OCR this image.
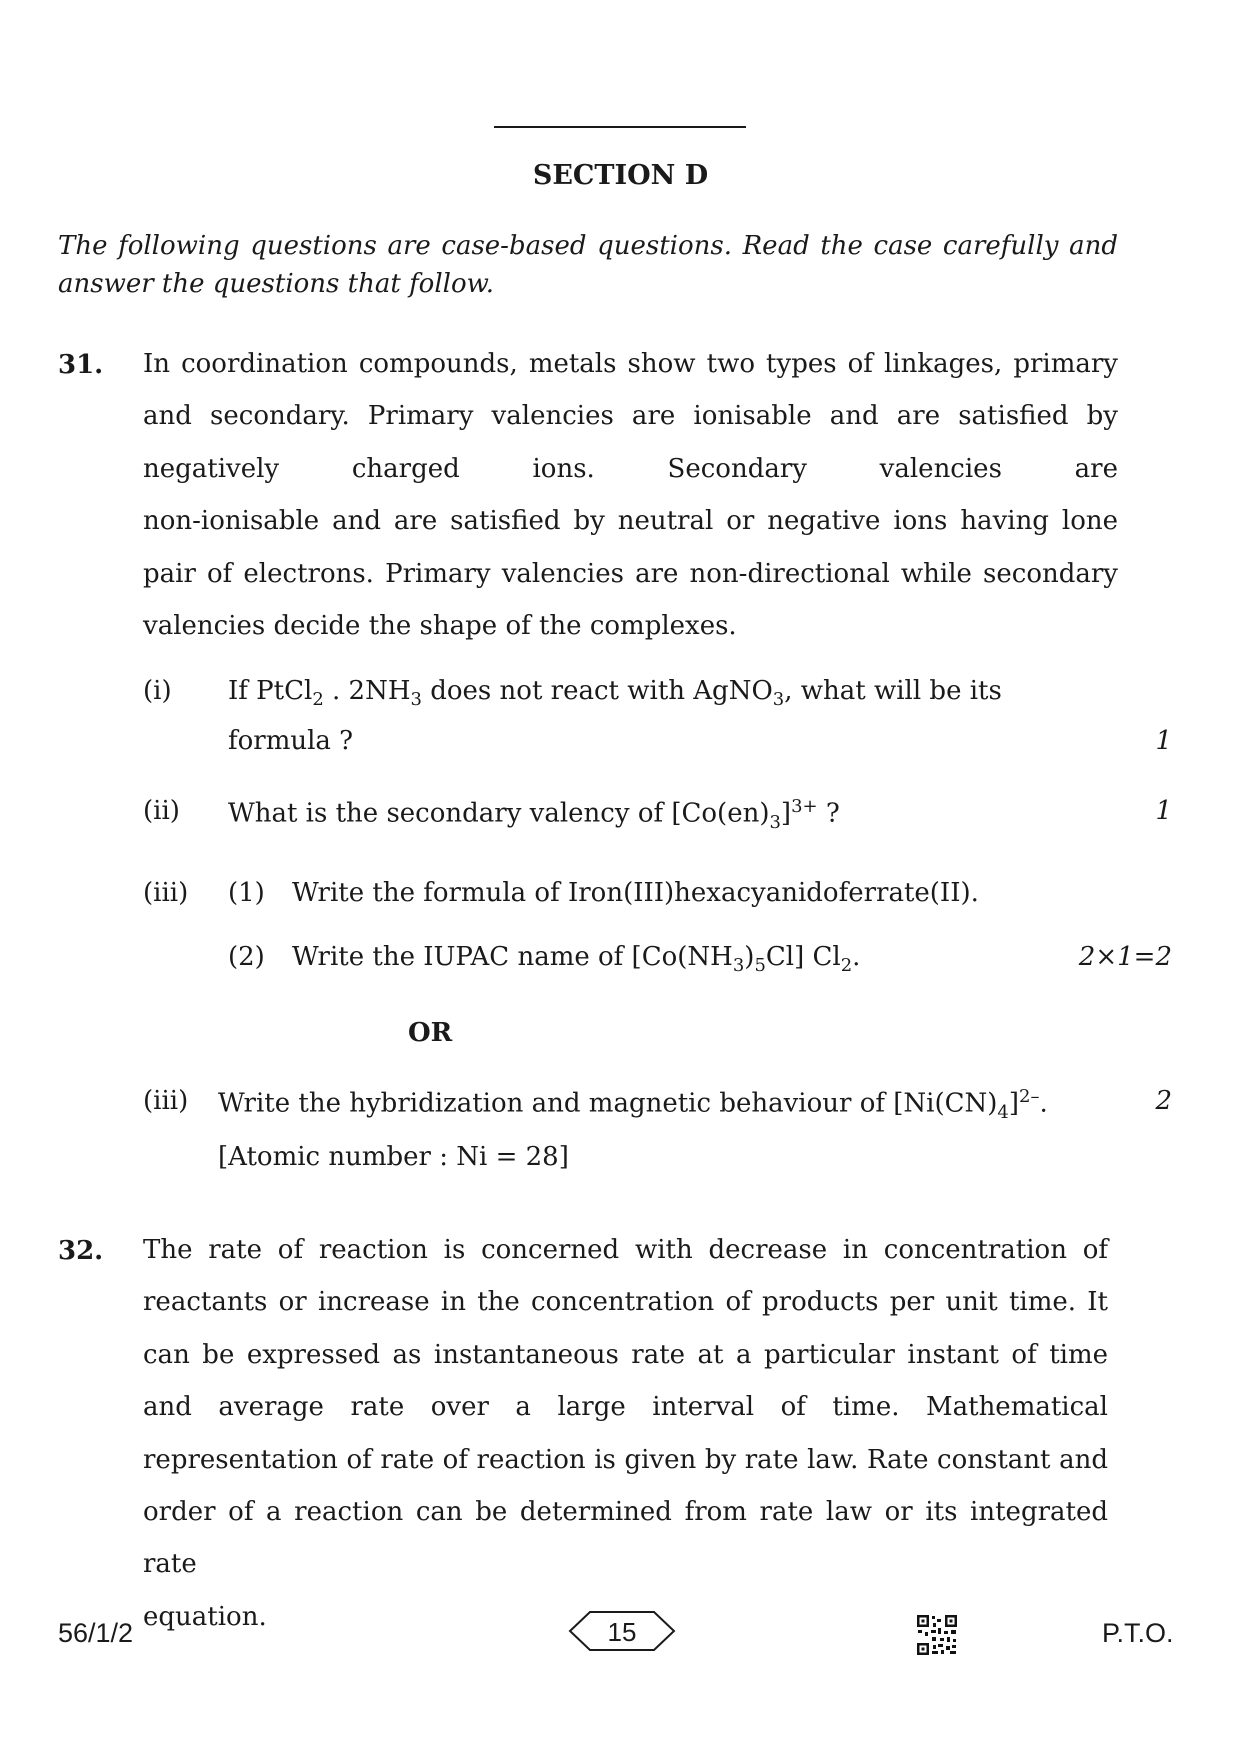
SECTION D
The following questions are case-based questions. Read the case carefully and answer the questions that follow.
31. In coordination compounds, metals show two types of linkages, primary
and secondary. Primary valencies are ionisable and are satisfied by
negatively	charged	ions.	Secondary	valencies	are
non-ionisable and are satisfied by neutral or negative ions having lone
pair of electrons. Primary valencies are non-directional while secondary
valencies decide the shape of the complexes.
(i) If PtCl$_2$ . $2NH_3$ does not react with AgNO$_3$, what will be its
formula ?	1
(ii) What is the secondary valency of $[Co(en)_3]^{3+}$ ?	1
(iii) (1) Write the formula of Iron(III)hexacyanidoferrate(II).
(2) Write the IUPAC name of $[Co(NH_3)_5Cl]$ $Cl_2$.	2×1=2
OR
(iii) Write the hybridization and magnetic behaviour of $[Ni(CN)_4]^{2-}$.
[Atomic number : Ni = 28]
2
32. The rate of reaction is concerned with decrease in concentration of
reactants or increase in the concentration of products per unit time. It
can be expressed as instantaneous rate at a particular instant of time
and average rate over a large interval of time. Mathematical
representation of rate of reaction is given by rate law. Rate constant and
order of a reaction can be determined from rate law or its integrated rate
equation.
56/1/2	15	P.T.O.
